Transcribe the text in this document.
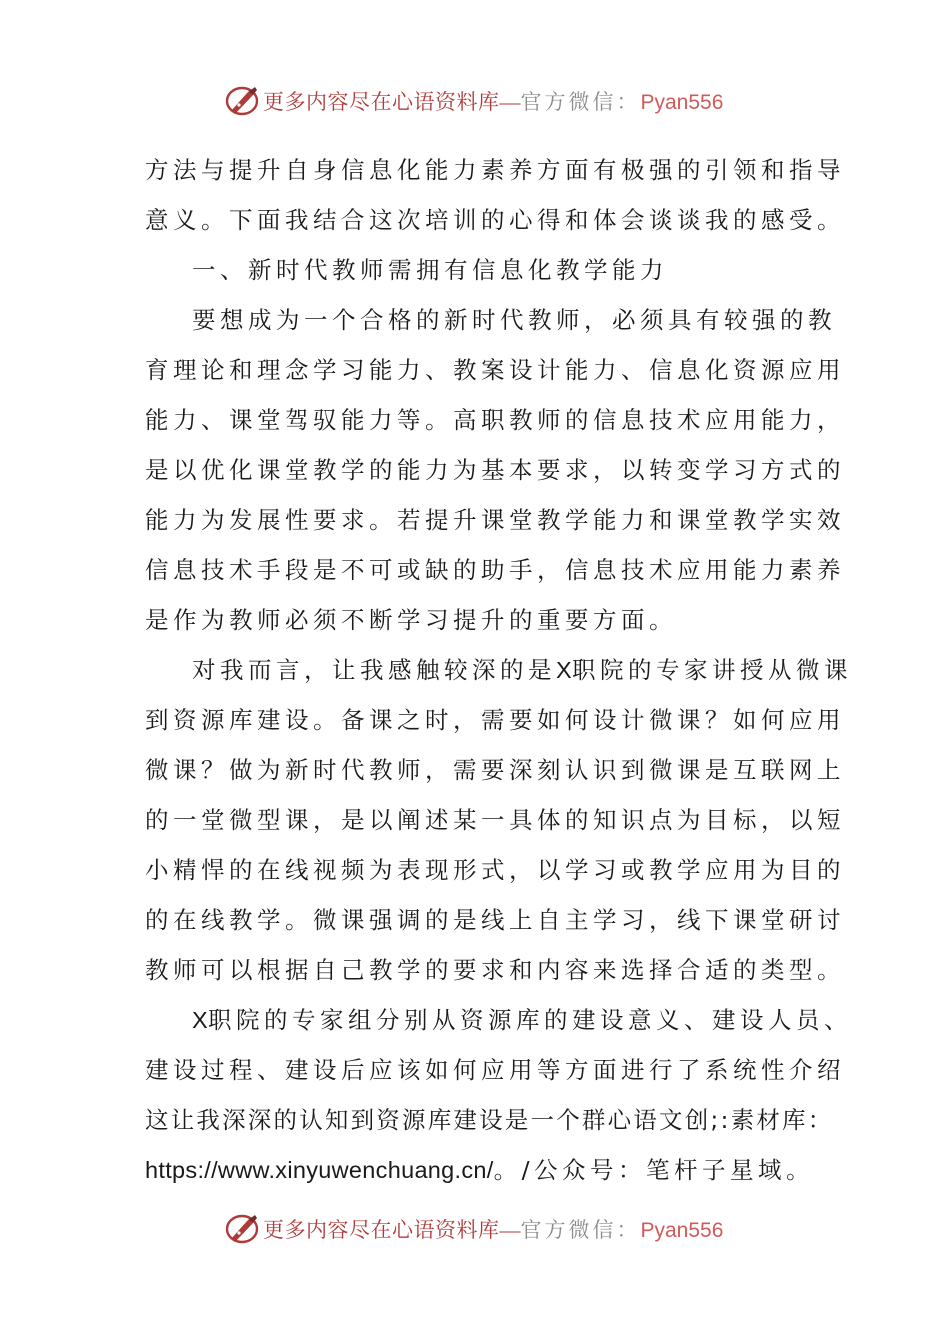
更多内容尽在心语资料库—官方微信：Pyan556
方法与提升自身信息化能力素养方面有极强的引领和指导
意义。下面我结合这次培训的心得和体会谈谈我的感受。
一、新时代教师需拥有信息化教学能力
要想成为一个合格的新时代教师，必须具有较强的教
育理论和理念学习能力、教案设计能力、信息化资源应用
能力、课堂驾驭能力等。高职教师的信息技术应用能力，
是以优化课堂教学的能力为基本要求，以转变学习方式的
能力为发展性要求。若提升课堂教学能力和课堂教学实效
信息技术手段是不可或缺的助手，信息技术应用能力素养
是作为教师必须不断学习提升的重要方面。
对我而言，让我感触较深的是X职院的专家讲授从微课
到资源库建设。备课之时，需要如何设计微课？如何应用
微课？做为新时代教师，需要深刻认识到微课是互联网上
的一堂微型课，是以阐述某一具体的知识点为目标，以短
小精悍的在线视频为表现形式，以学习或教学应用为目的
的在线教学。微课强调的是线上自主学习，线下课堂研讨
教师可以根据自己教学的要求和内容来选择合适的类型。
X职院的专家组分别从资源库的建设意义、建设人员、
建设过程、建设后应该如何应用等方面进行了系统性介绍
这让我深深的认知到资源库建设是一个群心语文创;:素材库：
https://www.xinyuwenchuang.cn/。/公众号：笔杆子星域。
更多内容尽在心语资料库—官方微信：Pyan556
